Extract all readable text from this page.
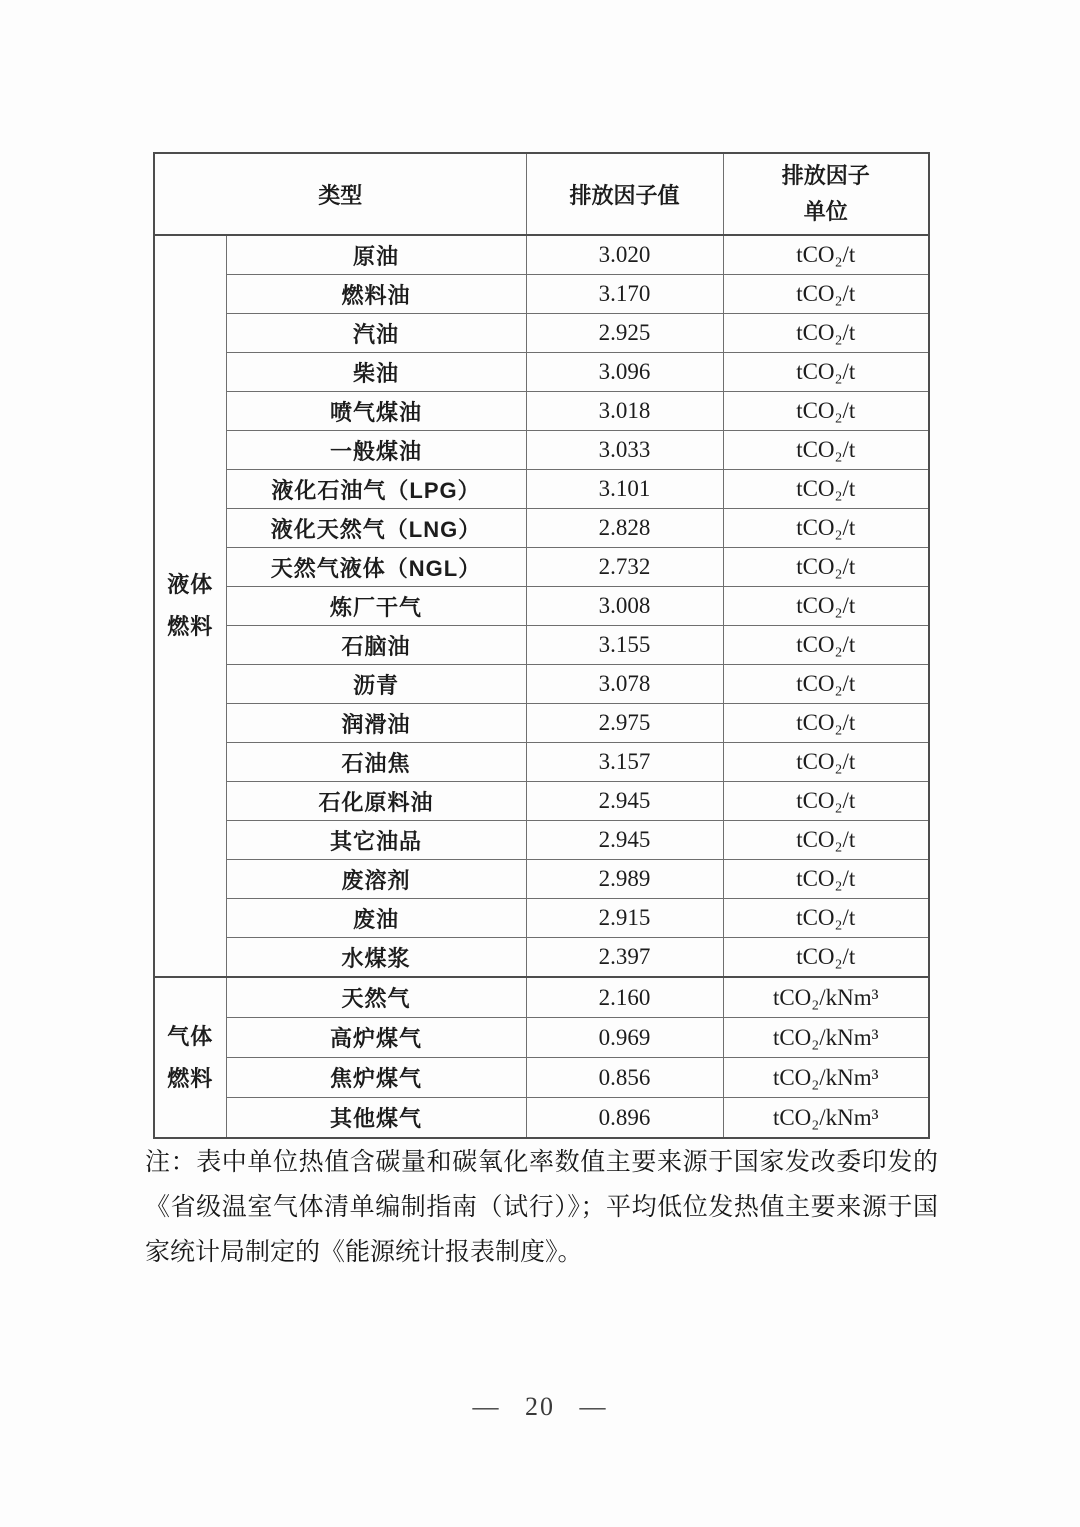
类型		排放因子值	排放因子
单位

液体燃料	原油	3.020	tCO₂/t
	燃料油	3.170	tCO₂/t
	汽油	2.925	tCO₂/t
	柴油	3.096	tCO₂/t
	喷气煤油	3.018	tCO₂/t
	一般煤油	3.033	tCO₂/t
	液化石油气（LPG）	3.101	tCO₂/t
	液化天然气（LNG）	2.828	tCO₂/t
	天然气液体（NGL）	2.732	tCO₂/t
	炼厂干气	3.008	tCO₂/t
	石脑油	3.155	tCO₂/t
	沥青	3.078	tCO₂/t
	润滑油	2.975	tCO₂/t
	石油焦	3.157	tCO₂/t
	石化原料油	2.945	tCO₂/t
	其它油品	2.945	tCO₂/t
	废溶剂	2.989	tCO₂/t
	废油	2.915	tCO₂/t
	水煤浆	2.397	tCO₂/t
气体燃料	天然气	2.160	tCO₂/kNm³
	高炉煤气	0.969	tCO₂/kNm³
	焦炉煤气	0.856	tCO₂/kNm³
	其他煤气	0.896	tCO₂/kNm³
注：表中单位热值含碳量和碳氧化率数值主要来源于国家发改委印发的《省级温室气体清单编制指南（试行）》；平均低位发热值主要来源于国家统计局制定的《能源统计报表制度》。
— 20 —
